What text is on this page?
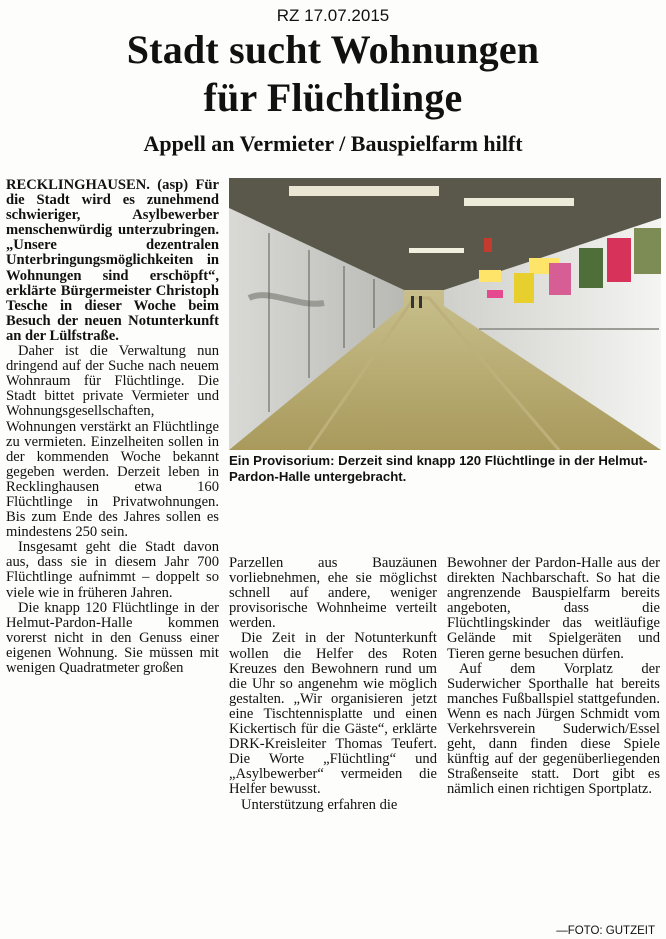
RZ 17.07.2015
Stadt sucht Wohnungen
für Flüchtlinge
Appell an Vermieter / Bauspielfarm hilft

RECKLINGHAUSEN. (asp) Für die Stadt wird es zunehmend schwieriger, Asylbewerber menschenwürdig unterzubringen. „Unsere dezentralen Unterbringungsmöglichkeiten in Wohnungen sind erschöpft“, erklärte Bürgermeister Christoph Tesche in dieser Woche beim Besuch der neuen Notunterkunft an der Lülfstraße.

Daher ist die Verwaltung nun dringend auf der Suche nach neuem Wohnraum für Flüchtlinge. Die Stadt bittet private Vermieter und Wohnungsgesellschaften, Wohnungen verstärkt an Flüchtlinge zu vermieten. Einzelheiten sollen in der kommenden Woche bekannt gegeben werden. Derzeit leben in Recklinghausen etwa 160 Flüchtlinge in Privatwohnungen. Bis zum Ende des Jahres sollen es mindestens 250 sein.

Insgesamt geht die Stadt davon aus, dass sie in diesem Jahr 700 Flüchtlinge aufnimmt – doppelt so viele wie in früheren Jahren.

Die knapp 120 Flüchtlinge in der Helmut-Pardon-Halle kommen vorerst nicht in den Genuss einer eigenen Wohnung. Sie müssen mit wenigen Quadratmeter großen

Ein Provisorium: Derzeit sind knapp 120 Flüchtlinge in der Helmut-Pardon-Halle untergebracht.
—FOTO: GUTZEIT

Parzellen aus Bauzäunen vorliebnehmen, ehe sie möglichst schnell auf andere, weniger provisorische Wohnheime verteilt werden.

Die Zeit in der Notunterkunft wollen die Helfer des Roten Kreuzes den Bewohnern rund um die Uhr so angenehm wie möglich gestalten. „Wir organisieren jetzt eine Tischtennisplatte und einen Kickertisch für die Gäste“, erklärte DRK-Kreisleiter Thomas Teufert. Die Worte „Flüchtling“ und „Asylbewerber“ vermeiden die Helfer bewusst.

Unterstützung erfahren die

Bewohner der Pardon-Halle aus der direkten Nachbarschaft. So hat die angrenzende Bauspielfarm bereits angeboten, dass die Flüchtlingskinder das weitläufige Gelände mit Spielgeräten und Tieren gerne besuchen dürfen.

Auf dem Vorplatz der Suderwicher Sporthalle hat bereits manches Fußballspiel stattgefunden. Wenn es nach Jürgen Schmidt vom Verkehrsverein Suderwich/Essel geht, dann finden diese Spiele künftig auf der gegenüberliegenden Straßenseite statt. Dort gibt es nämlich einen richtigen Sportplatz.
